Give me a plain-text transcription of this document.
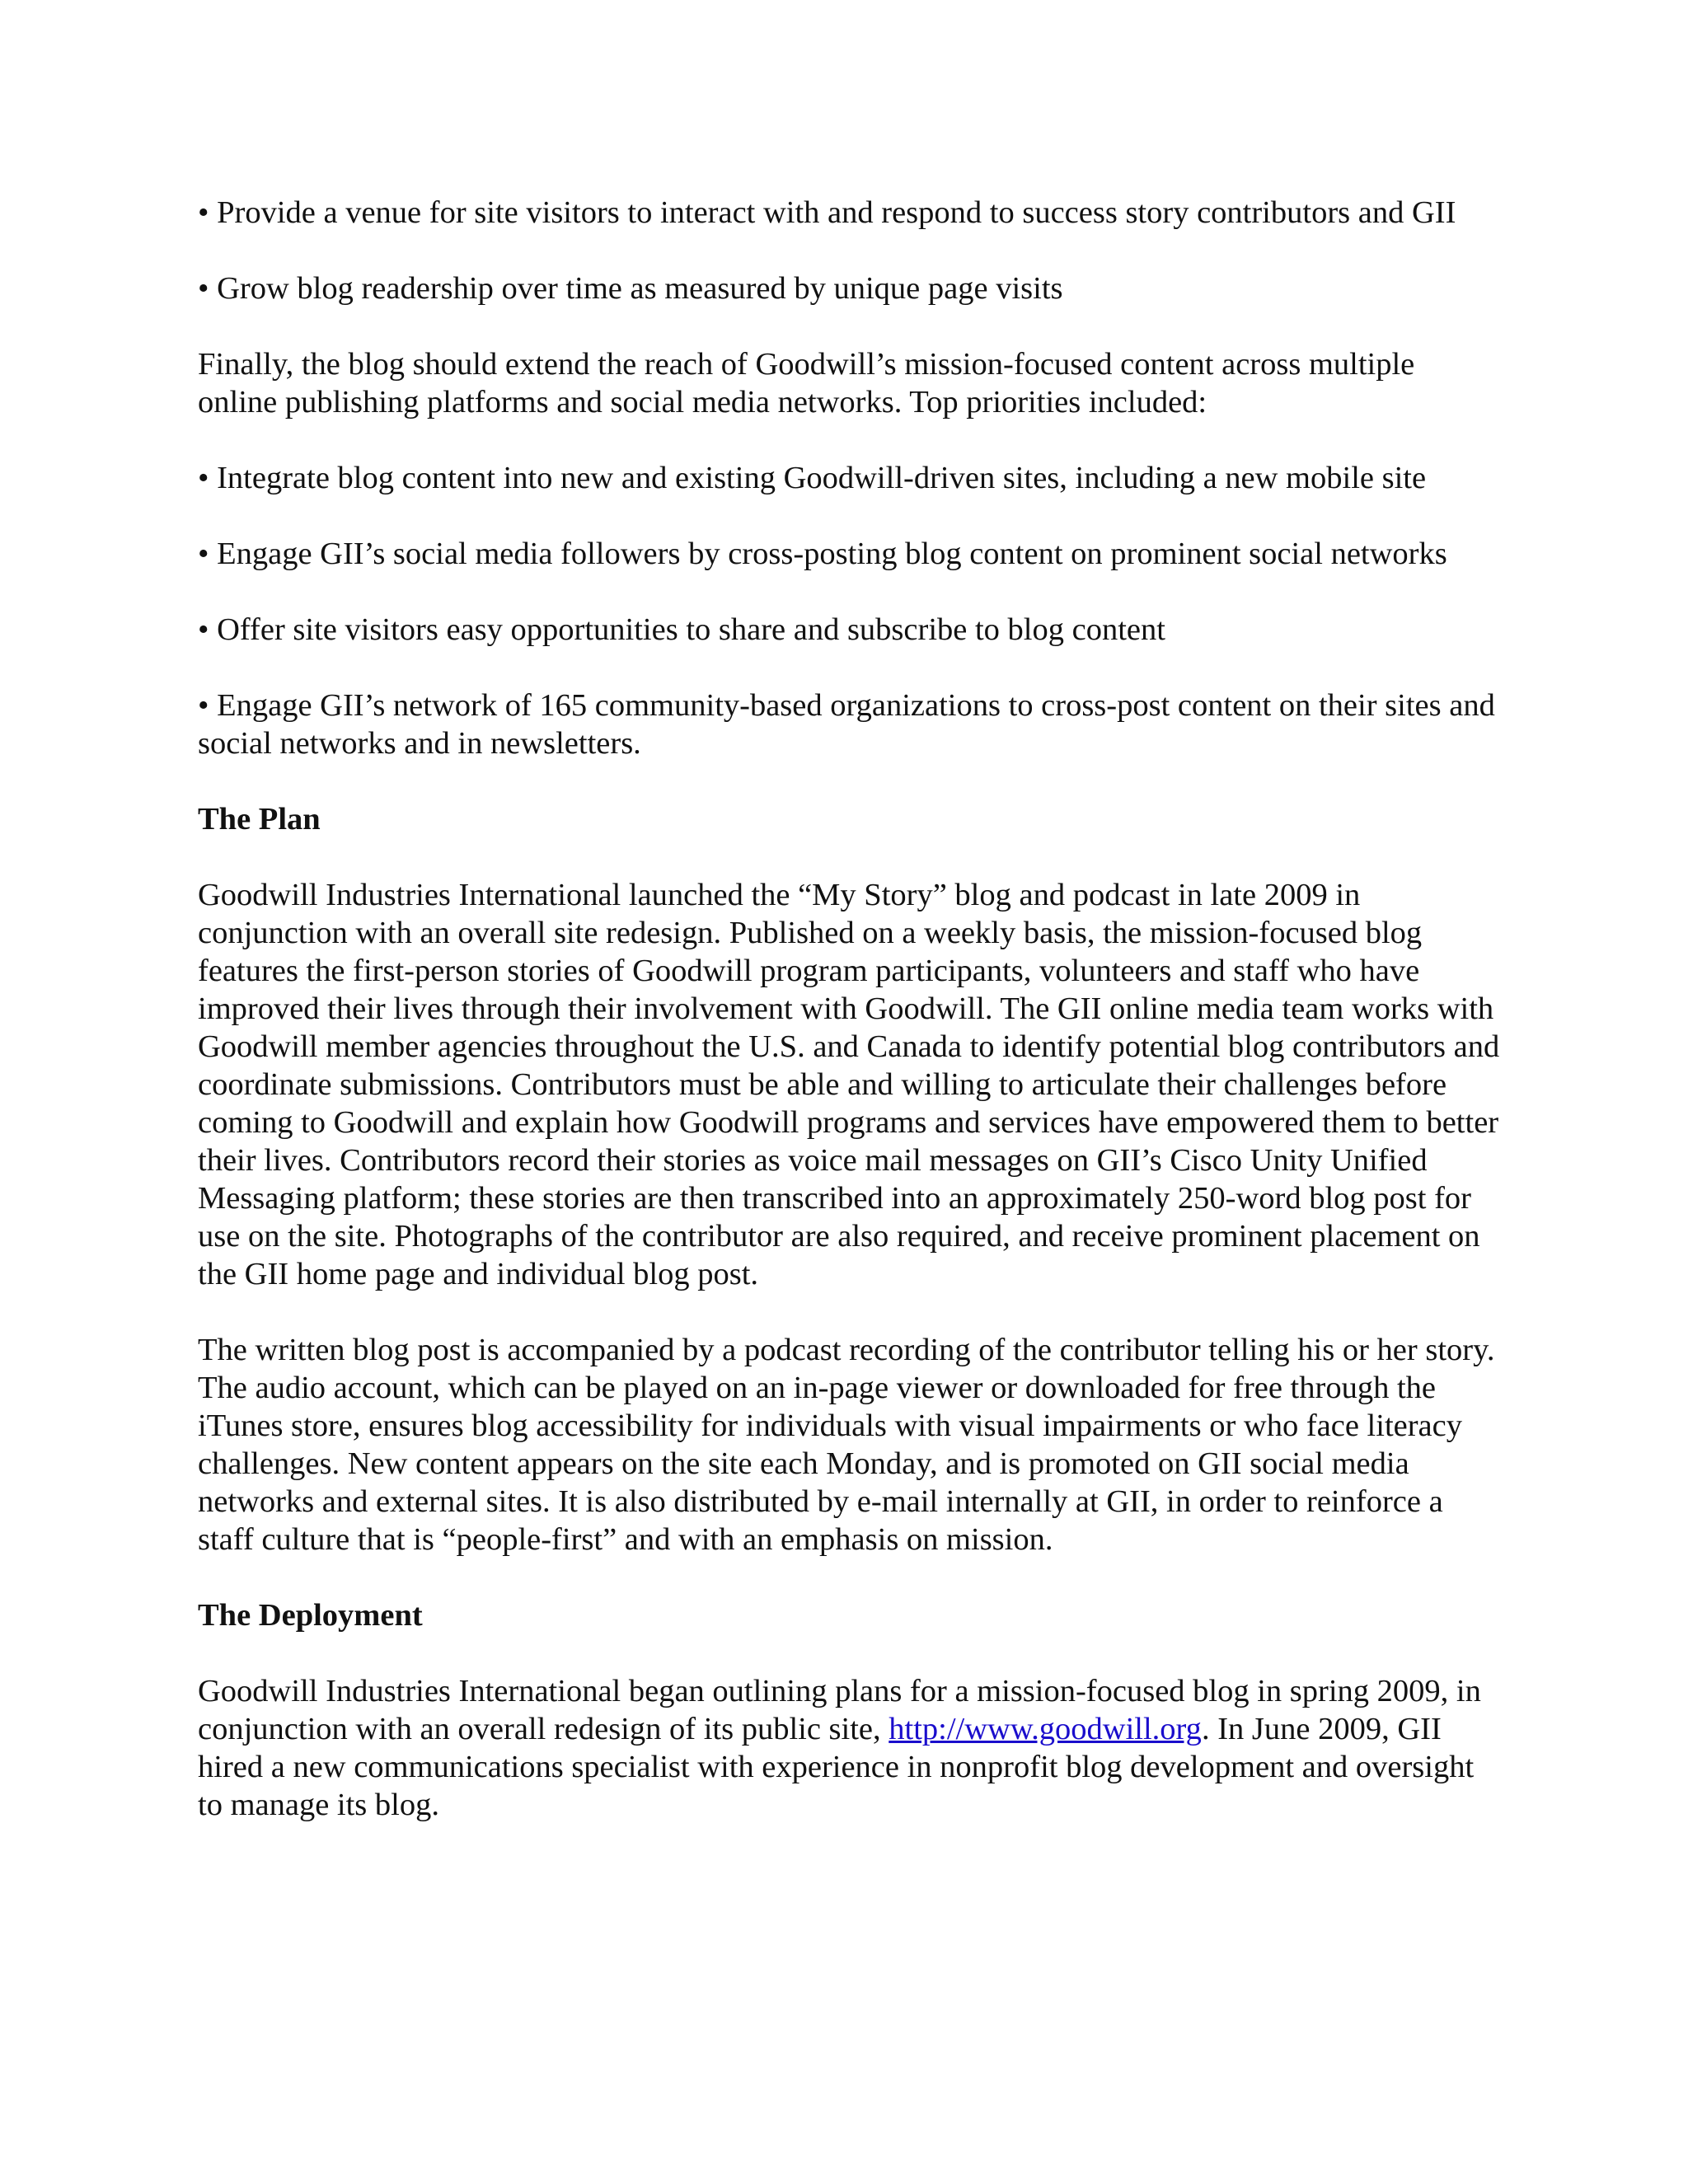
• Provide a venue for site visitors to interact with and respond to success story contributors and GII

• Grow blog readership over time as measured by unique page visits

Finally, the blog should extend the reach of Goodwill’s mission-focused content across multiple online publishing platforms and social media networks. Top priorities included:

• Integrate blog content into new and existing Goodwill-driven sites, including a new mobile site

• Engage GII’s social media followers by cross-posting blog content on prominent social networks

• Offer site visitors easy opportunities to share and subscribe to blog content

• Engage GII’s network of 165 community-based organizations to cross-post content on their sites and social networks and in newsletters.

The Plan

Goodwill Industries International launched the “My Story” blog and podcast in late 2009 in conjunction with an overall site redesign. Published on a weekly basis, the mission-focused blog features the first-person stories of Goodwill program participants, volunteers and staff who have improved their lives through their involvement with Goodwill. The GII online media team works with Goodwill member agencies throughout the U.S. and Canada to identify potential blog contributors and coordinate submissions. Contributors must be able and willing to articulate their challenges before coming to Goodwill and explain how Goodwill programs and services have empowered them to better their lives. Contributors record their stories as voice mail messages on GII’s Cisco Unity Unified Messaging platform; these stories are then transcribed into an approximately 250-word blog post for use on the site. Photographs of the contributor are also required, and receive prominent placement on the GII home page and individual blog post.

The written blog post is accompanied by a podcast recording of the contributor telling his or her story. The audio account, which can be played on an in-page viewer or downloaded for free through the iTunes store, ensures blog accessibility for individuals with visual impairments or who face literacy challenges. New content appears on the site each Monday, and is promoted on GII social media networks and external sites. It is also distributed by e-mail internally at GII, in order to reinforce a staff culture that is “people-first” and with an emphasis on mission.

The Deployment

Goodwill Industries International began outlining plans for a mission-focused blog in spring 2009, in conjunction with an overall redesign of its public site, http://www.goodwill.org. In June 2009, GII hired a new communications specialist with experience in nonprofit blog development and oversight to manage its blog.
